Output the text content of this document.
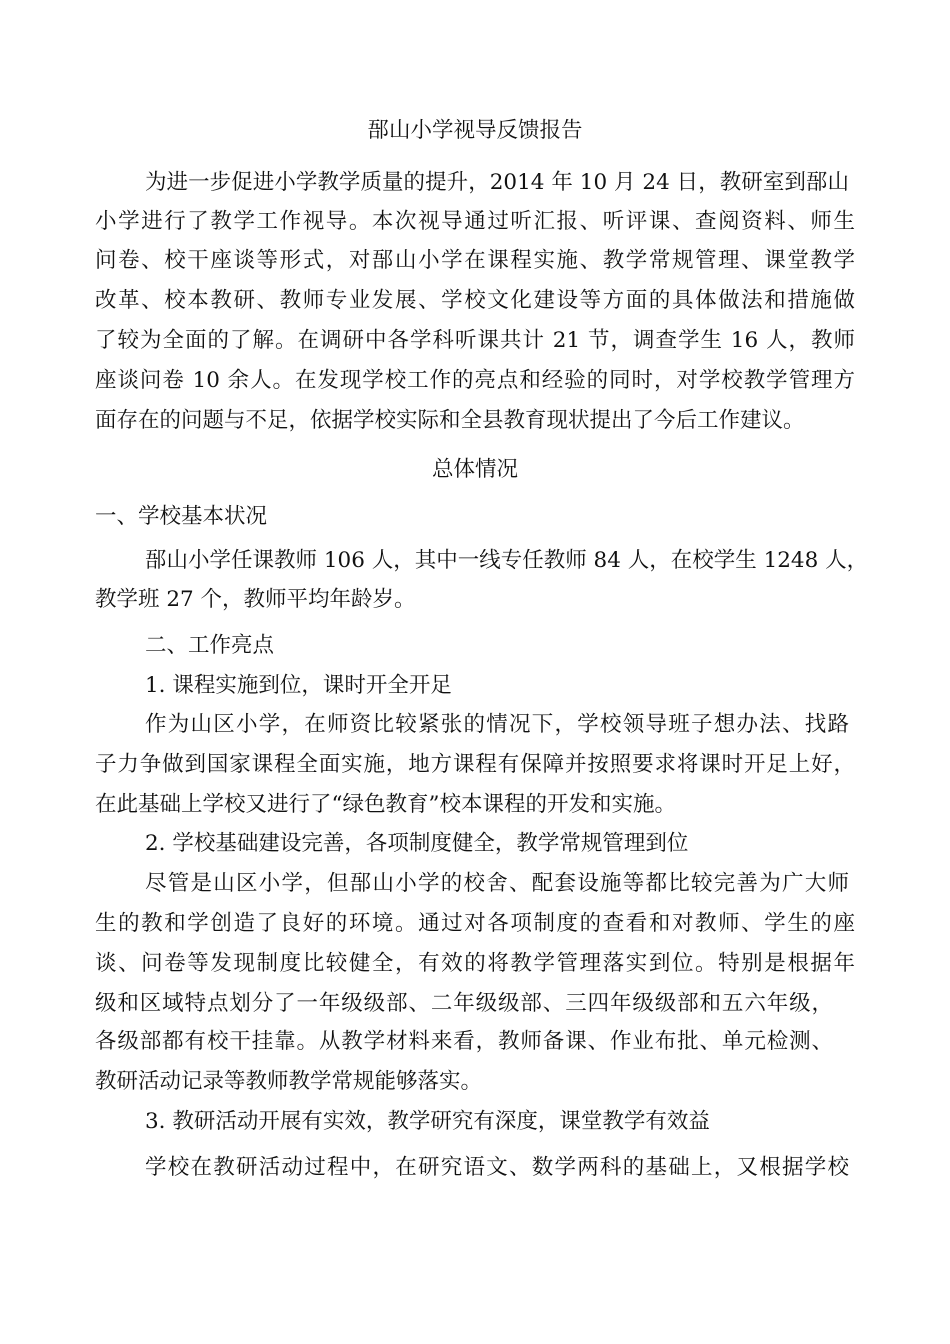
郚山小学视导反馈报告
为进一步促进小学教学质量的提升，2014 年 10 月 24 日，教研室到郚山
小学进行了教学工作视导。本次视导通过听汇报、听评课、查阅资料、师生
问卷、校干座谈等形式，对郚山小学在课程实施、教学常规管理、课堂教学
改革、校本教研、教师专业发展、学校文化建设等方面的具体做法和措施做
了较为全面的了解。在调研中各学科听课共计 21 节，调查学生 16 人，教师
座谈问卷 10 余人。在发现学校工作的亮点和经验的同时，对学校教学管理方
面存在的问题与不足，依据学校实际和全县教育现状提出了今后工作建议。
总体情况
一、学校基本状况
郚山小学任课教师 106 人，其中一线专任教师 84 人，在校学生 1248 人，
教学班 27 个，教师平均年龄岁。
二、工作亮点
1. 课程实施到位，课时开全开足
作为山区小学，在师资比较紧张的情况下，学校领导班子想办法、找路
子力争做到国家课程全面实施，地方课程有保障并按照要求将课时开足上好，
在此基础上学校又进行了“绿色教育”校本课程的开发和实施。
2. 学校基础建设完善，各项制度健全，教学常规管理到位
尽管是山区小学，但郚山小学的校舍、配套设施等都比较完善为广大师
生的教和学创造了良好的环境。通过对各项制度的查看和对教师、学生的座
谈、问卷等发现制度比较健全，有效的将教学管理落实到位。特别是根据年
级和区域特点划分了一年级级部、二年级级部、三四年级级部和五六年级，
各级部都有校干挂靠。从教学材料来看，教师备课、作业布批、单元检测、
教研活动记录等教师教学常规能够落实。
3. 教研活动开展有实效，教学研究有深度，课堂教学有效益
学校在教研活动过程中，在研究语文、数学两科的基础上，又根据学校
